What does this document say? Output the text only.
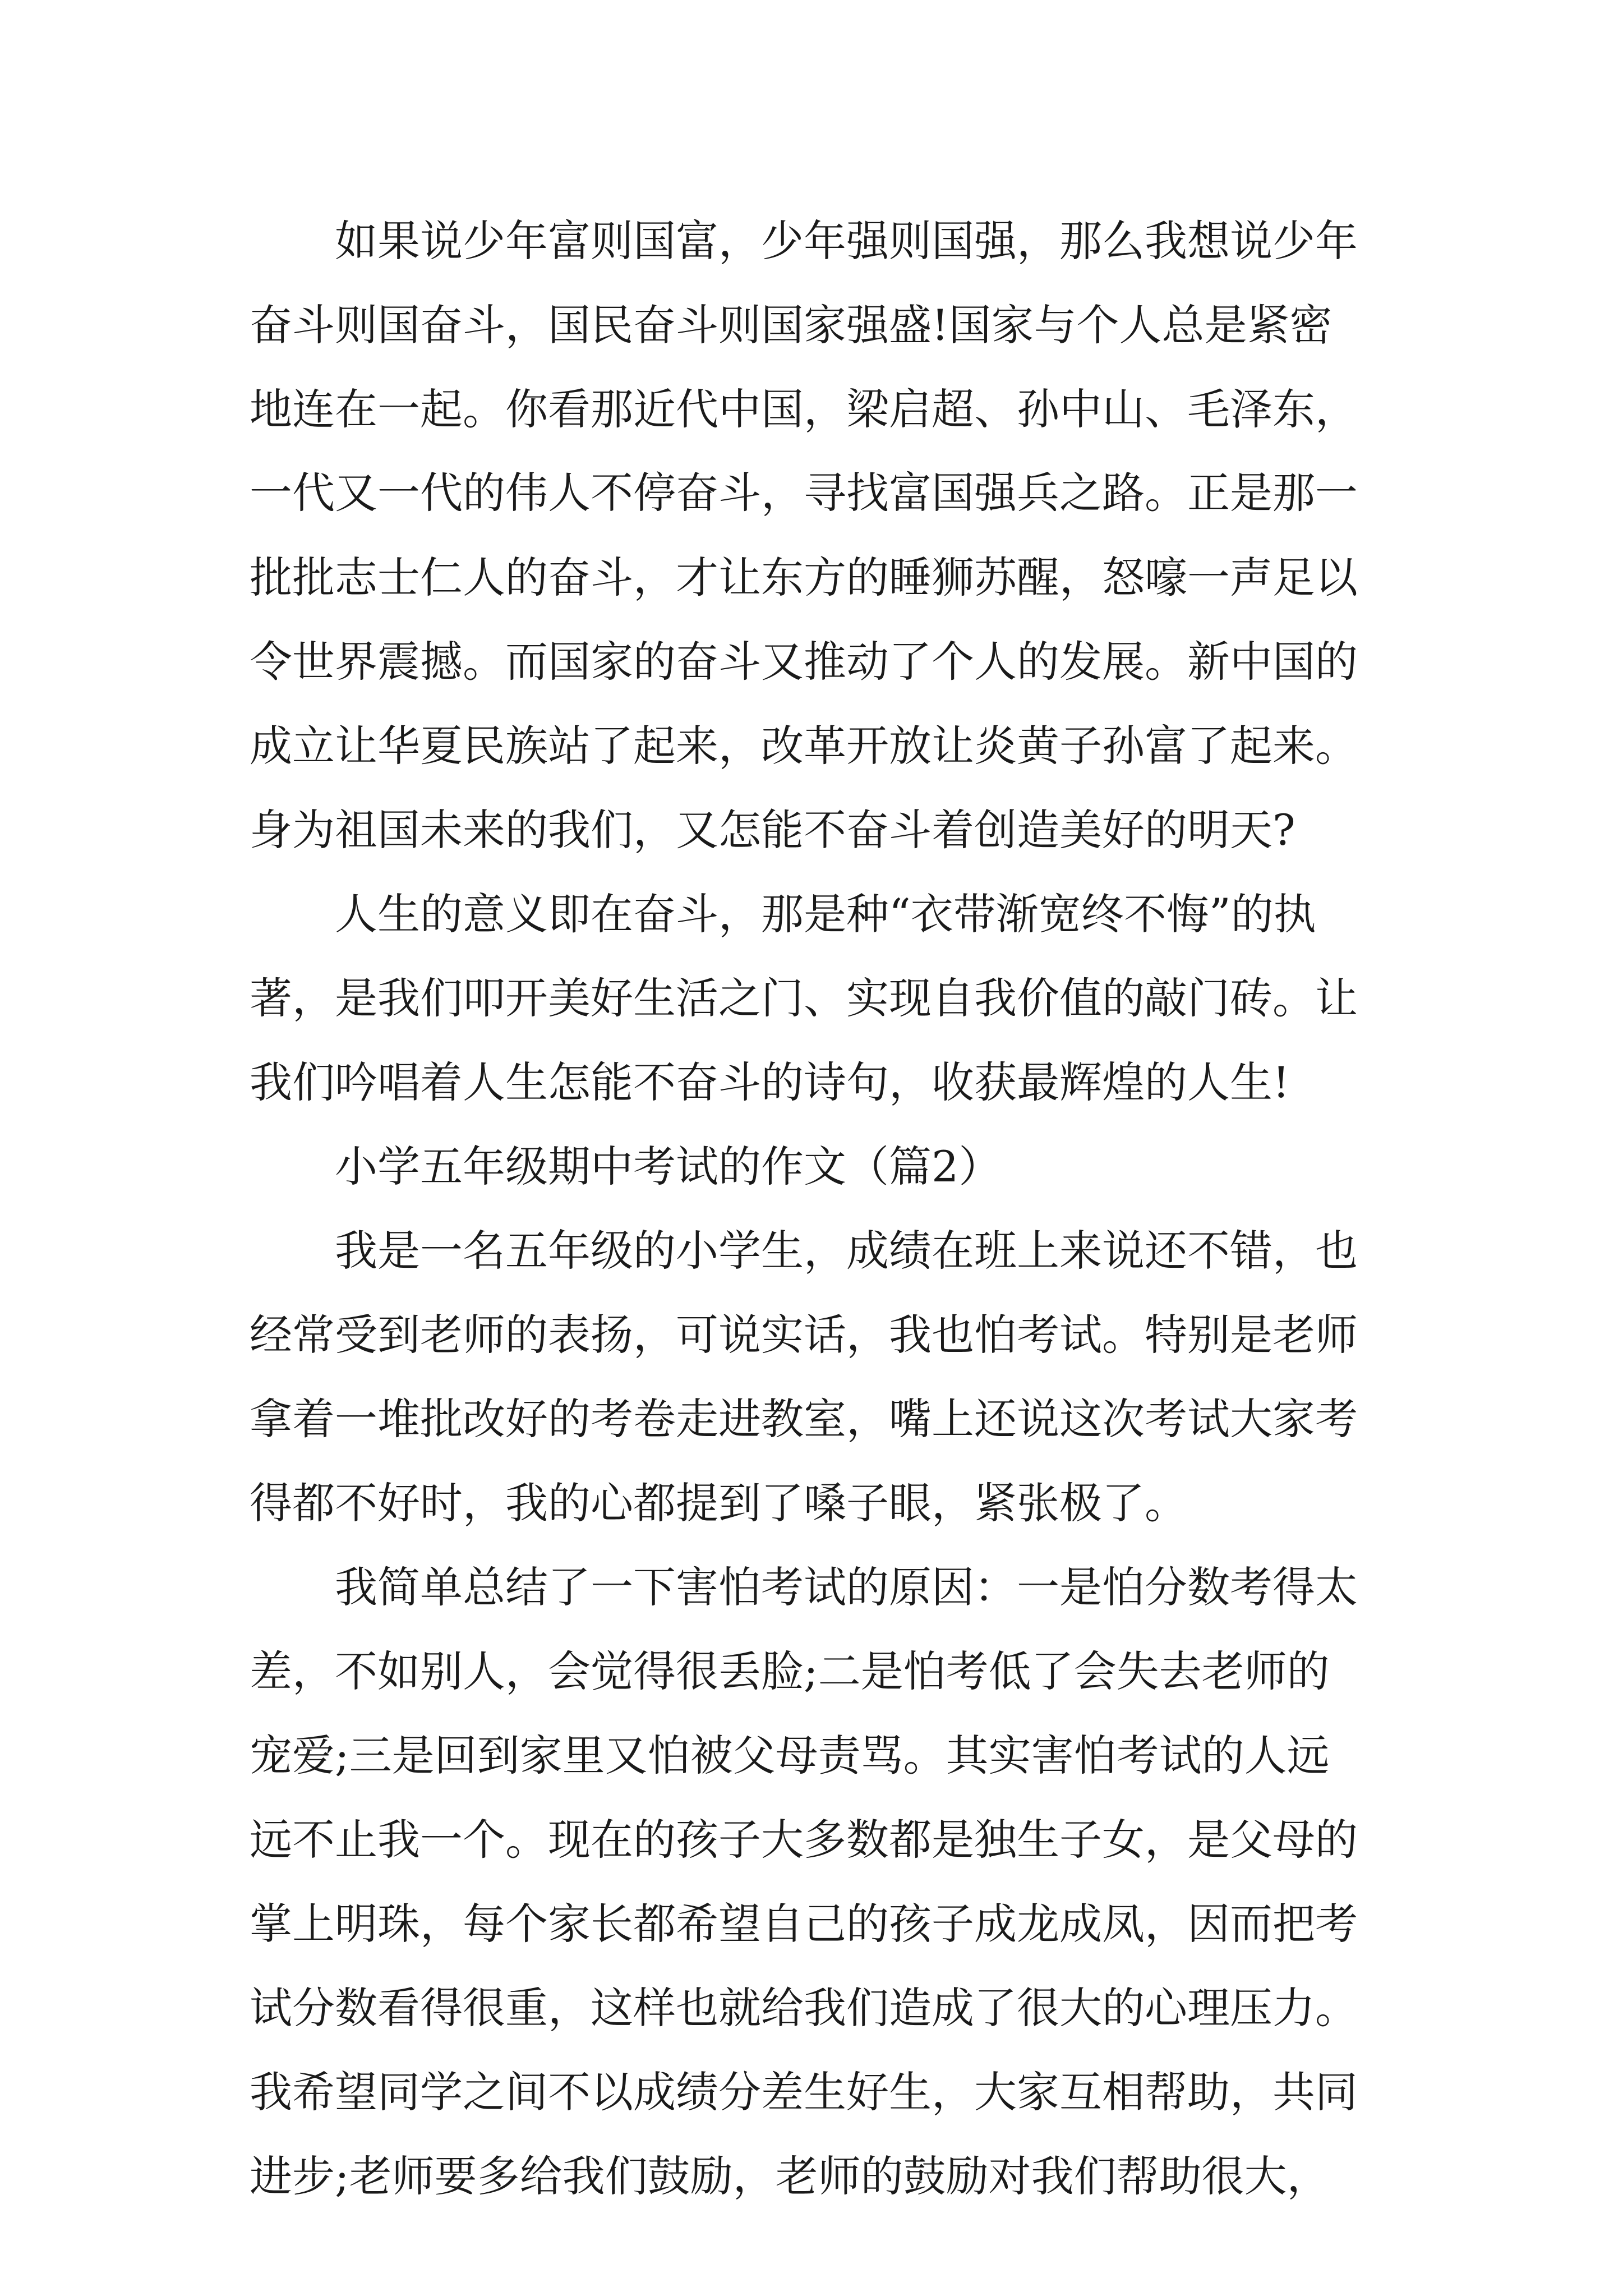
如果说少年富则国富，少年强则国强，那么我想说少年

奋斗则国奋斗，国民奋斗则国家强盛!国家与个人总是紧密

地连在一起。你看那近代中国，梁启超、孙中山、毛泽东，

一代又一代的伟人不停奋斗，寻找富国强兵之路。正是那一

批批志士仁人的奋斗，才让东方的睡狮苏醒，怒嚎一声足以

令世界震撼。而国家的奋斗又推动了个人的发展。新中国的

成立让华夏民族站了起来，改革开放让炎黄子孙富了起来。

身为祖国未来的我们，又怎能不奋斗着创造美好的明天?

人生的意义即在奋斗，那是种“衣带渐宽终不悔”的执

著，是我们叩开美好生活之门、实现自我价值的敲门砖。让

我们吟唱着人生怎能不奋斗的诗句，收获最辉煌的人生!

小学五年级期中考试的作文（篇2）

我是一名五年级的小学生，成绩在班上来说还不错，也

经常受到老师的表扬，可说实话，我也怕考试。特别是老师

拿着一堆批改好的考卷走进教室，嘴上还说这次考试大家考

得都不好时，我的心都提到了嗓子眼，紧张极了。

我简单总结了一下害怕考试的原因：一是怕分数考得太

差，不如别人，会觉得很丢脸;二是怕考低了会失去老师的

宠爱;三是回到家里又怕被父母责骂。其实害怕考试的人远

远不止我一个。现在的孩子大多数都是独生子女，是父母的

掌上明珠，每个家长都希望自己的孩子成龙成凤，因而把考

试分数看得很重，这样也就给我们造成了很大的心理压力。

我希望同学之间不以成绩分差生好生，大家互相帮助，共同

进步;老师要多给我们鼓励，老师的鼓励对我们帮助很大，
